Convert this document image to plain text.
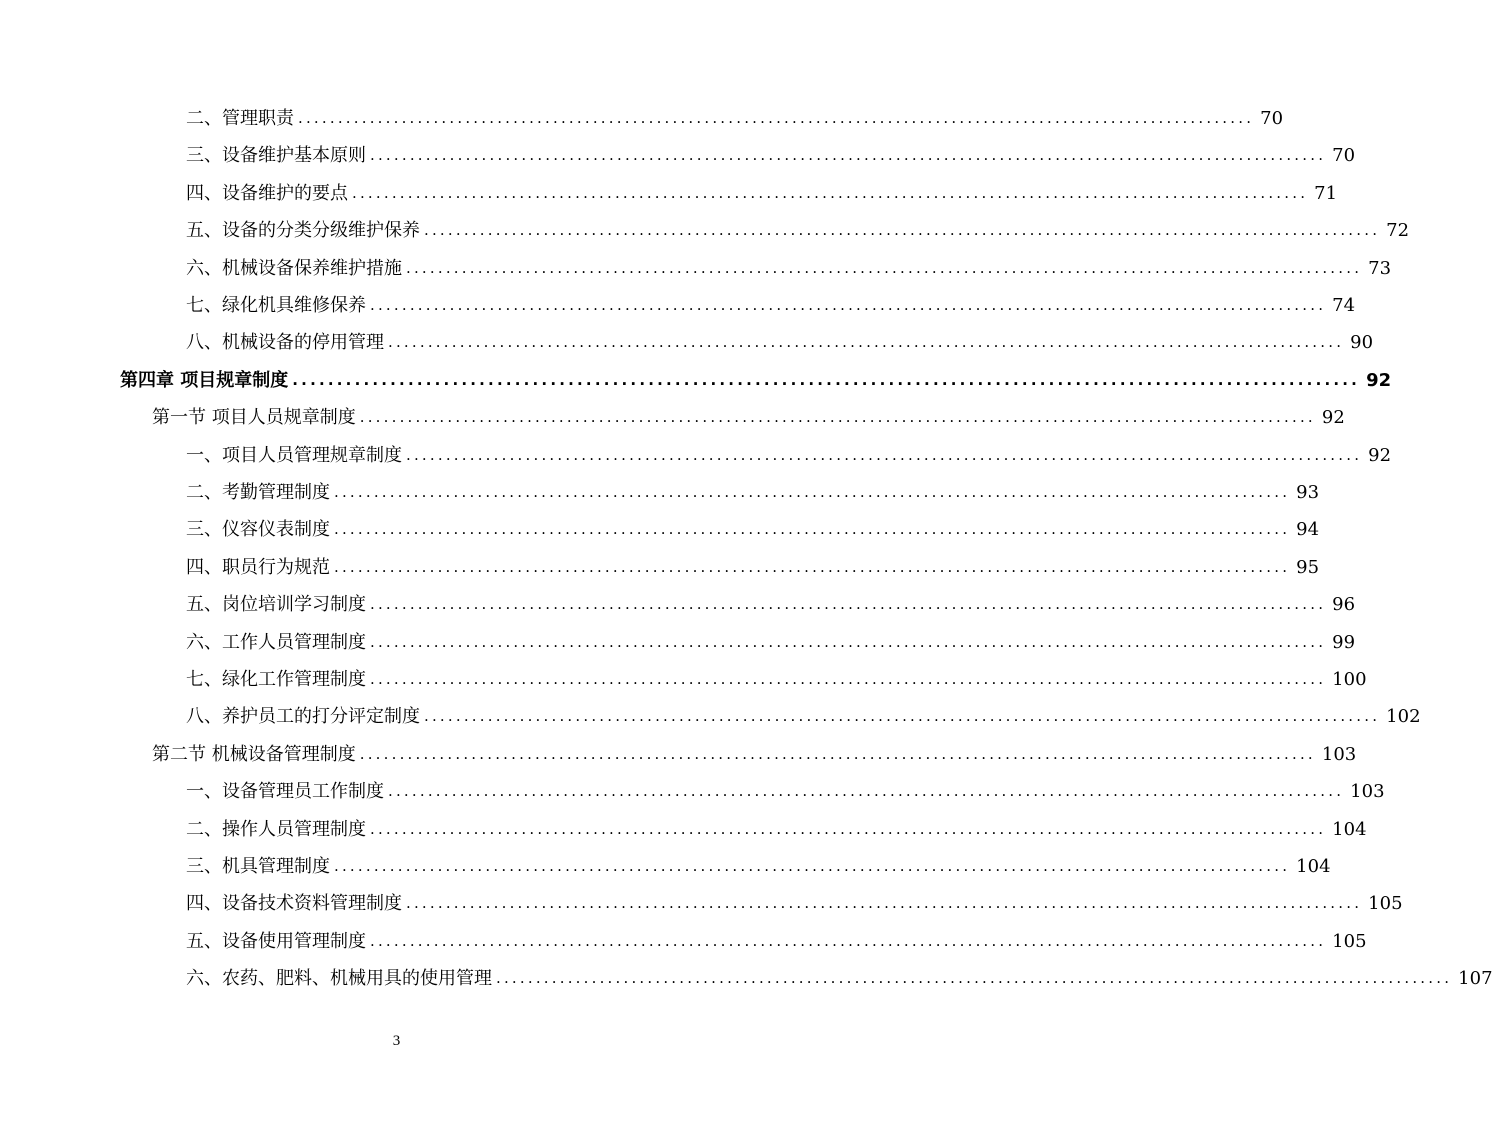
二、管理职责 ........................................................................................................................ 70
三、设备维护基本原则 ........................................................................................................................ 70
四、设备维护的要点 ........................................................................................................................ 71
五、设备的分类分级维护保养 ........................................................................................................................ 72
六、机械设备保养维护措施 ........................................................................................................................ 73
七、绿化机具维修保养 ........................................................................................................................ 74
八、机械设备的停用管理 ........................................................................................................................ 90
第四章 项目规章制度 ........................................................................................................................ 92
第一节 项目人员规章制度 ........................................................................................................................ 92
一、项目人员管理规章制度 ........................................................................................................................ 92
二、考勤管理制度 ........................................................................................................................ 93
三、仪容仪表制度 ........................................................................................................................ 94
四、职员行为规范 ........................................................................................................................ 95
五、岗位培训学习制度 ........................................................................................................................ 96
六、工作人员管理制度 ........................................................................................................................ 99
七、绿化工作管理制度 ........................................................................................................................ 100
八、养护员工的打分评定制度 ........................................................................................................................ 102
第二节 机械设备管理制度 ........................................................................................................................ 103
一、设备管理员工作制度 ........................................................................................................................ 103
二、操作人员管理制度 ........................................................................................................................ 104
三、机具管理制度 ........................................................................................................................ 104
四、设备技术资料管理制度 ........................................................................................................................ 105
五、设备使用管理制度 ........................................................................................................................ 105
六、农药、肥料、机械用具的使用管理 ........................................................................................................................ 107
3
